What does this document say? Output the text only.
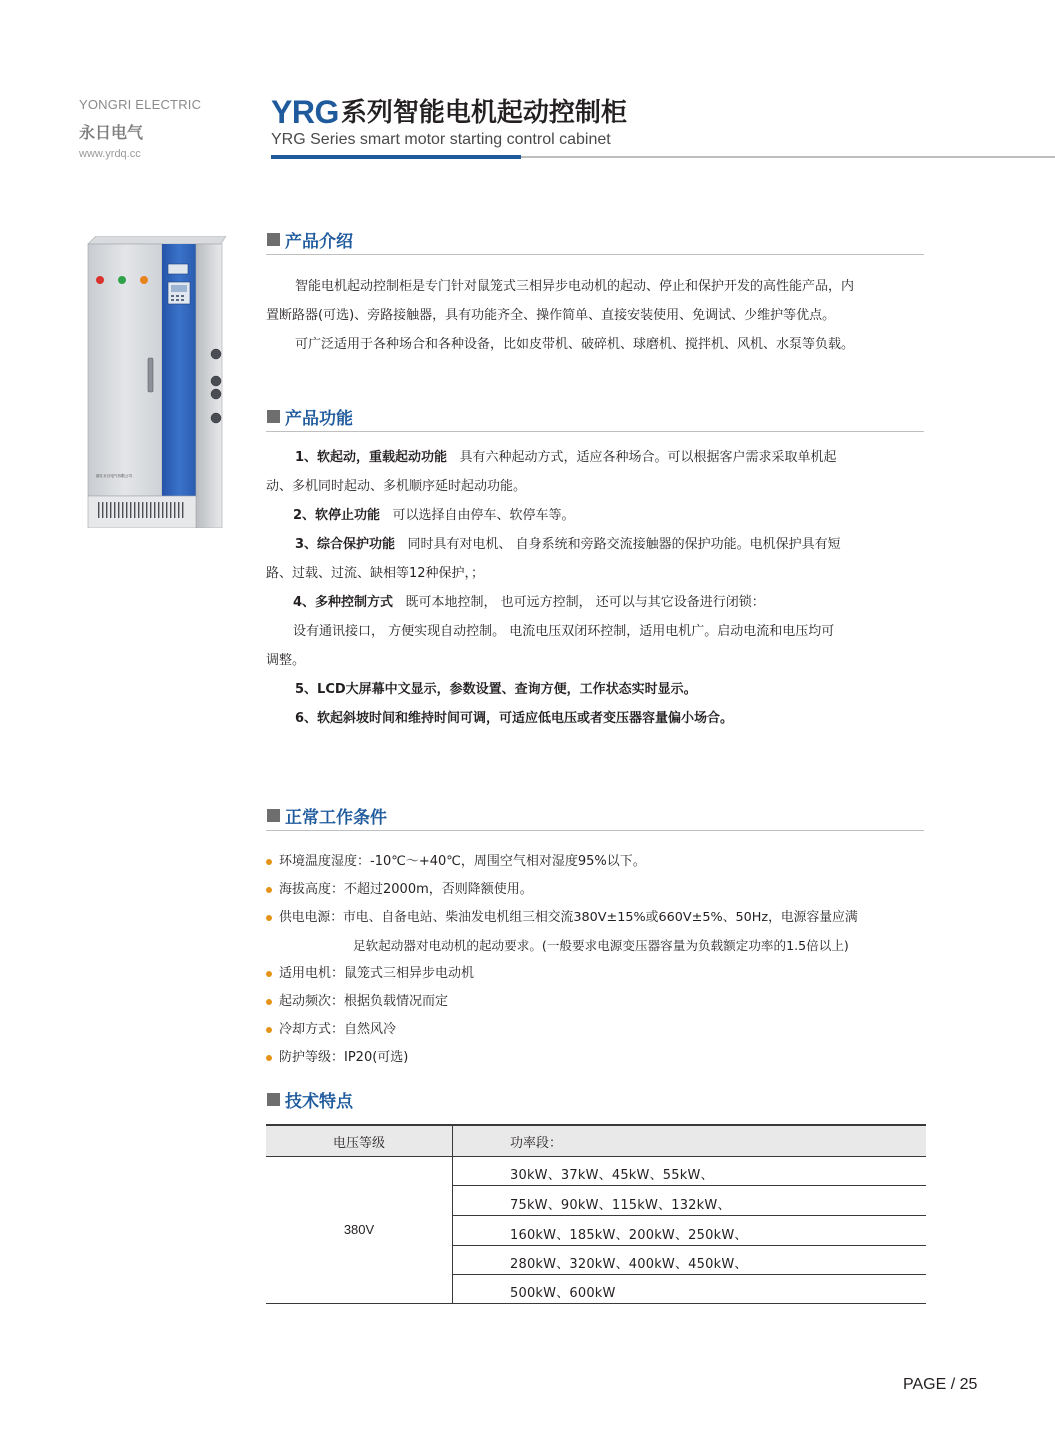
YONGRI ELECTRIC
永日电气
www.yrdq.cc
YRG系列智能电机起动控制柜
YRG Series smart motor starting control cabinet
浙江永日电气有限公司
产品介绍

智能电机起动控制柜是专门针对鼠笼式三相异步电动机的起动、停止和保护开发的高性能产品，内

置断路器(可选)、旁路接触器，具有功能齐全、操作简单、直接安装使用、免调试、少维护等优点。

可广泛适用于各种场合和各种设备，比如皮带机、破碎机、球磨机、搅拌机、风机、水泵等负载。

产品功能

1、软起动，重载起动功能 具有六种起动方式，适应各种场合。可以根据客户需求采取单机起

动、多机同时起动、多机顺序延时起动功能。

2、软停止功能 可以选择自由停车、软停车等。

3、综合保护功能 同时具有对电机、 自身系统和旁路交流接触器的保护功能。电机保护具有短

路、过载、过流、缺相等12种保护，；

4、多种控制方式 既可本地控制， 也可远方控制， 还可以与其它设备进行闭锁：

设有通讯接口， 方便实现自动控制。 电流电压双闭环控制，适用电机广。启动电流和电压均可

调整。

5、LCD大屏幕中文显示，参数设置、查询方便，工作状态实时显示。

6、软起斜坡时间和维持时间可调，可适应低电压或者变压器容量偏小场合。

正常工作条件
环境温度湿度：-10℃～+40℃，周围空气相对湿度95%以下。
海拔高度：不超过2000m，否则降额使用。
供电电源：市电、自备电站、柴油发电机组三相交流380V±15%或660V±5%、50Hz，电源容量应满
足软起动器对电动机的起动要求。(一般要求电源变压器容量为负载额定功率的1.5倍以上)
适用电机：鼠笼式三相异步电动机
起动频次：根据负载情况而定
冷却方式：自然风冷
防护等级：IP20(可选)
技术特点
电压等级	功率段：
380V
30kW、37kW、45kW、55kW、
75kW、90kW、115kW、132kW、
160kW、185kW、200kW、250kW、
280kW、320kW、400kW、450kW、
500kW、600kW
PAGE / 25
